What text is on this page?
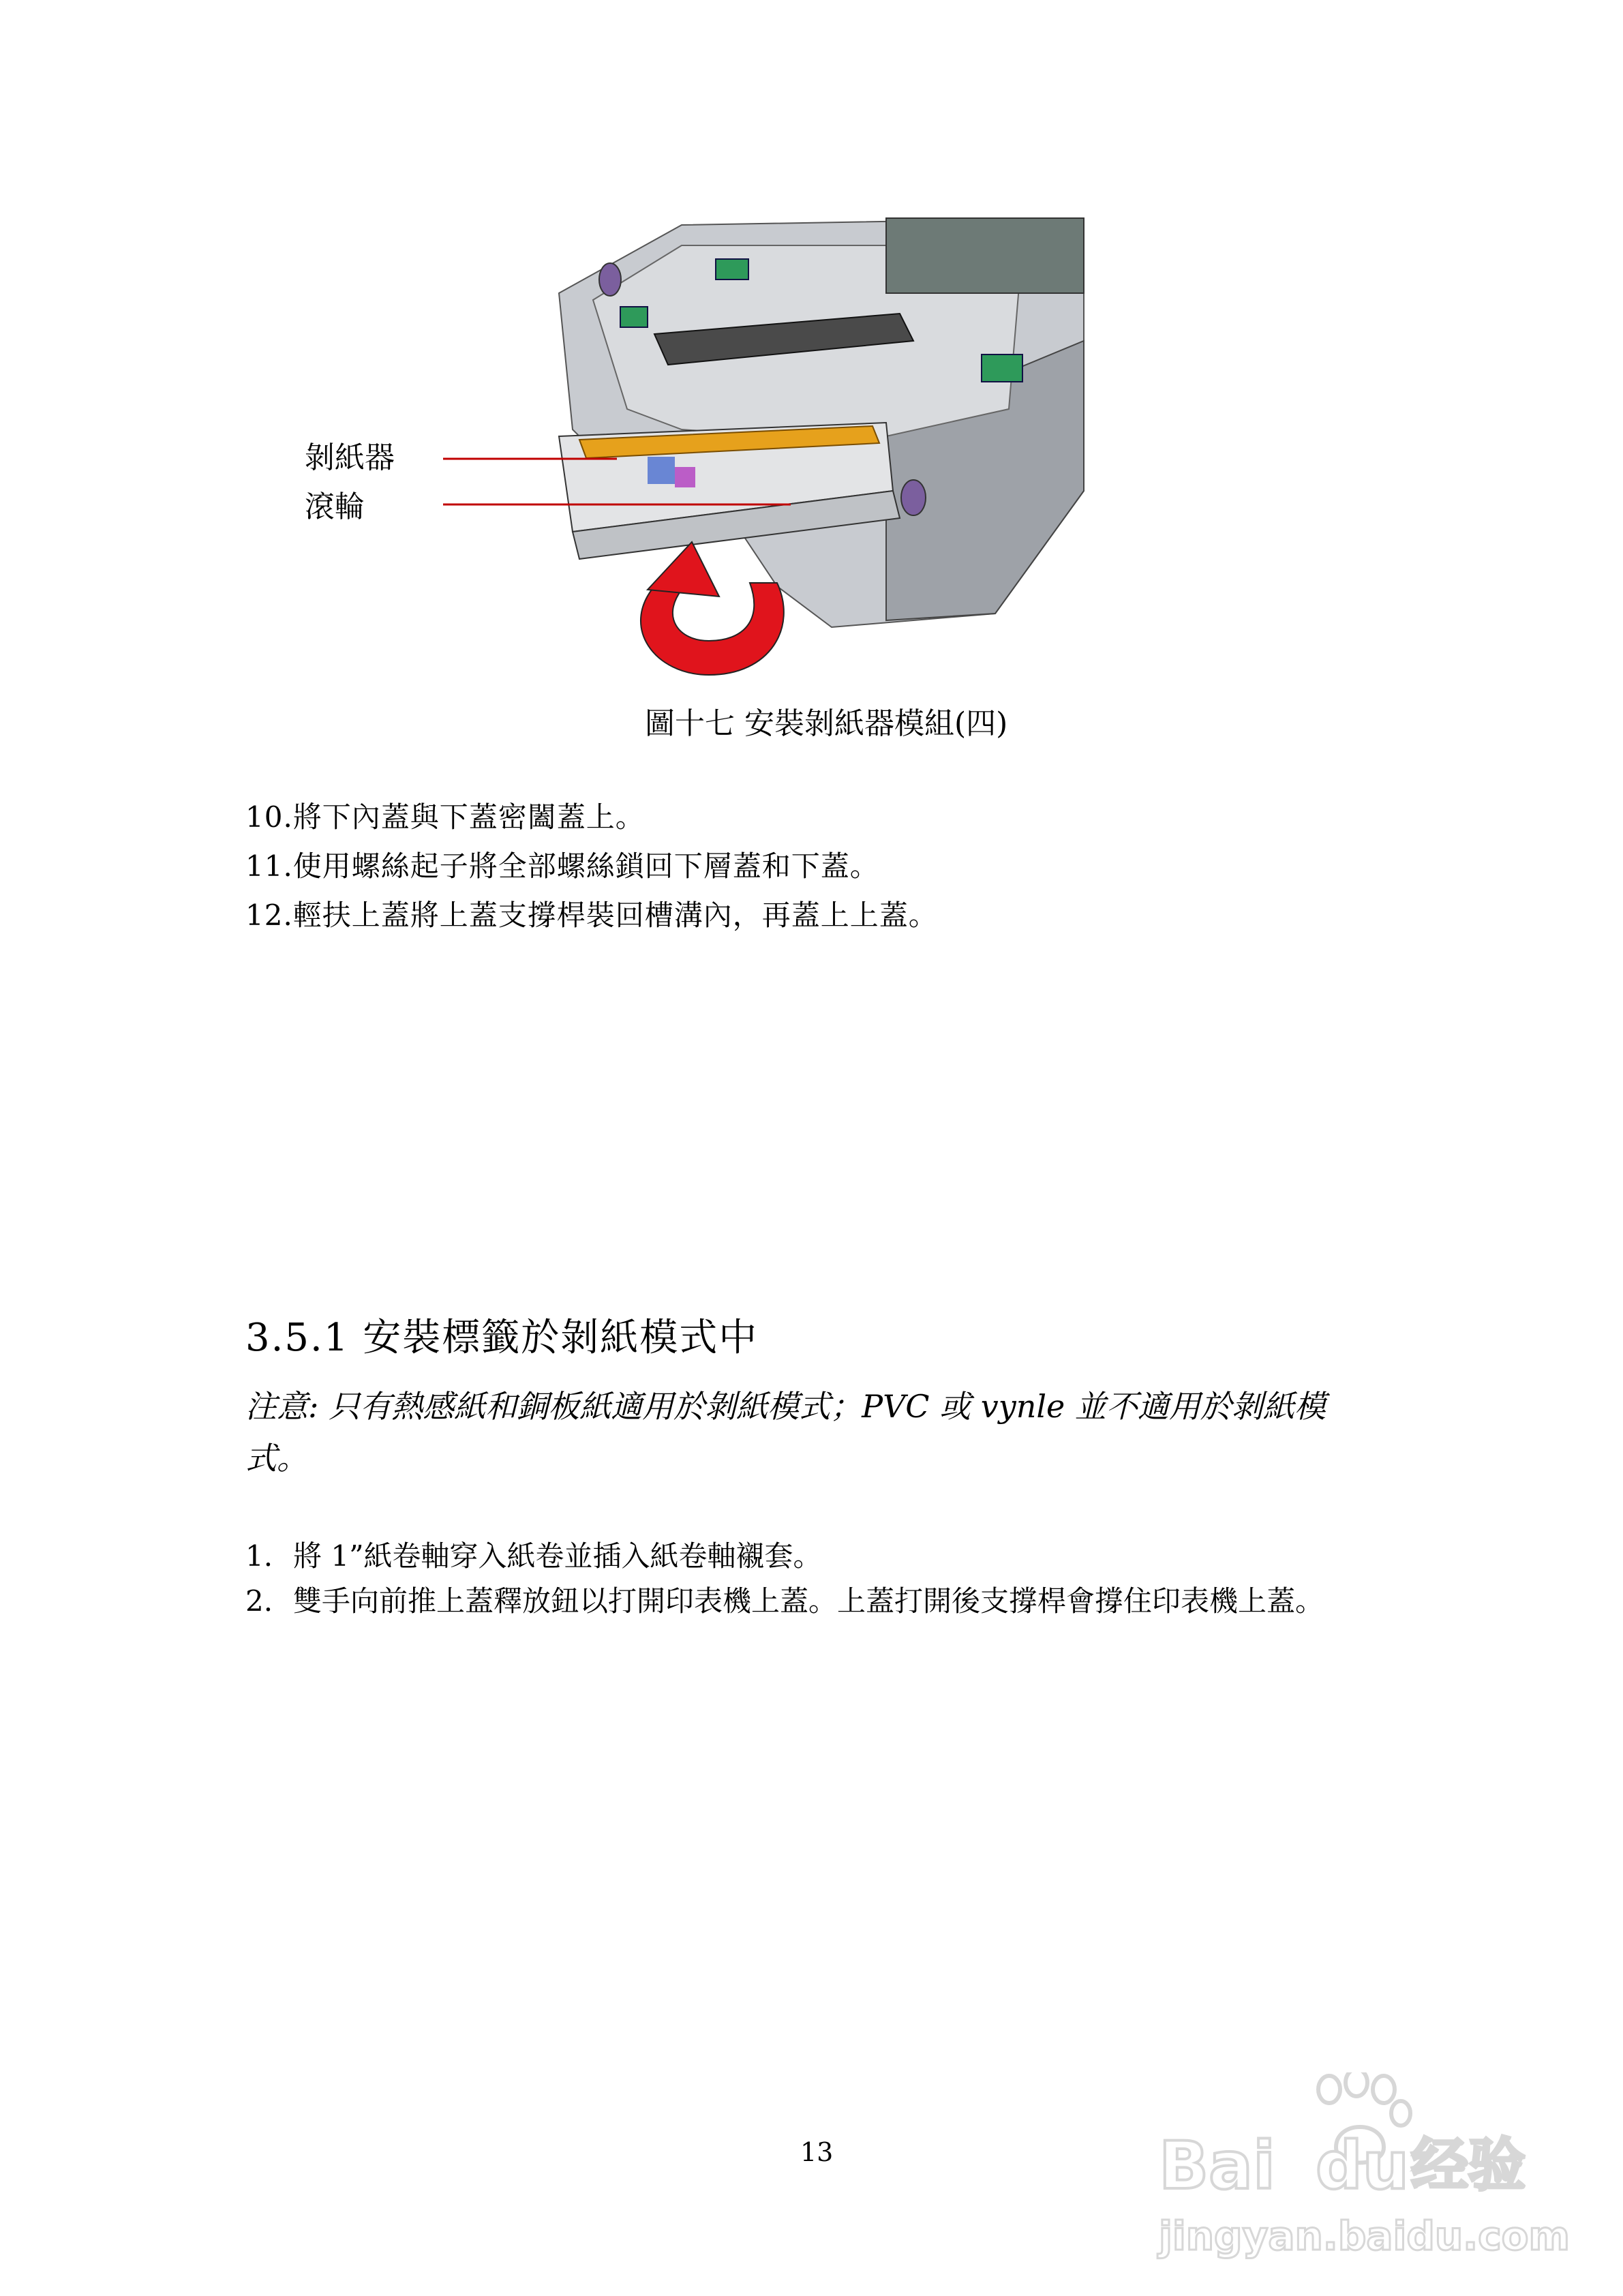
剝紙器
滾輪
圖十七 安裝剝紙器模組(四)
10.將下內蓋與下蓋密闔蓋上。
11.使用螺絲起子將全部螺絲鎖回下層蓋和下蓋。
12.輕扶上蓋將上蓋支撐桿裝回槽溝內，再蓋上上蓋。
3.5.1 安裝標籤於剝紙模式中
注意: 只有熱感紙和銅板紙適用於剝紙模式；PVC 或 vynle 並不適用於剝紙模式。
1. 將 1”紙卷軸穿入紙卷並插入紙卷軸襯套。
2. 雙手向前推上蓋釋放鈕以打開印表機上蓋。上蓋打開後支撐桿會撐住印表機上蓋。
13	Bai du 经验
jingyan.baidu.com
